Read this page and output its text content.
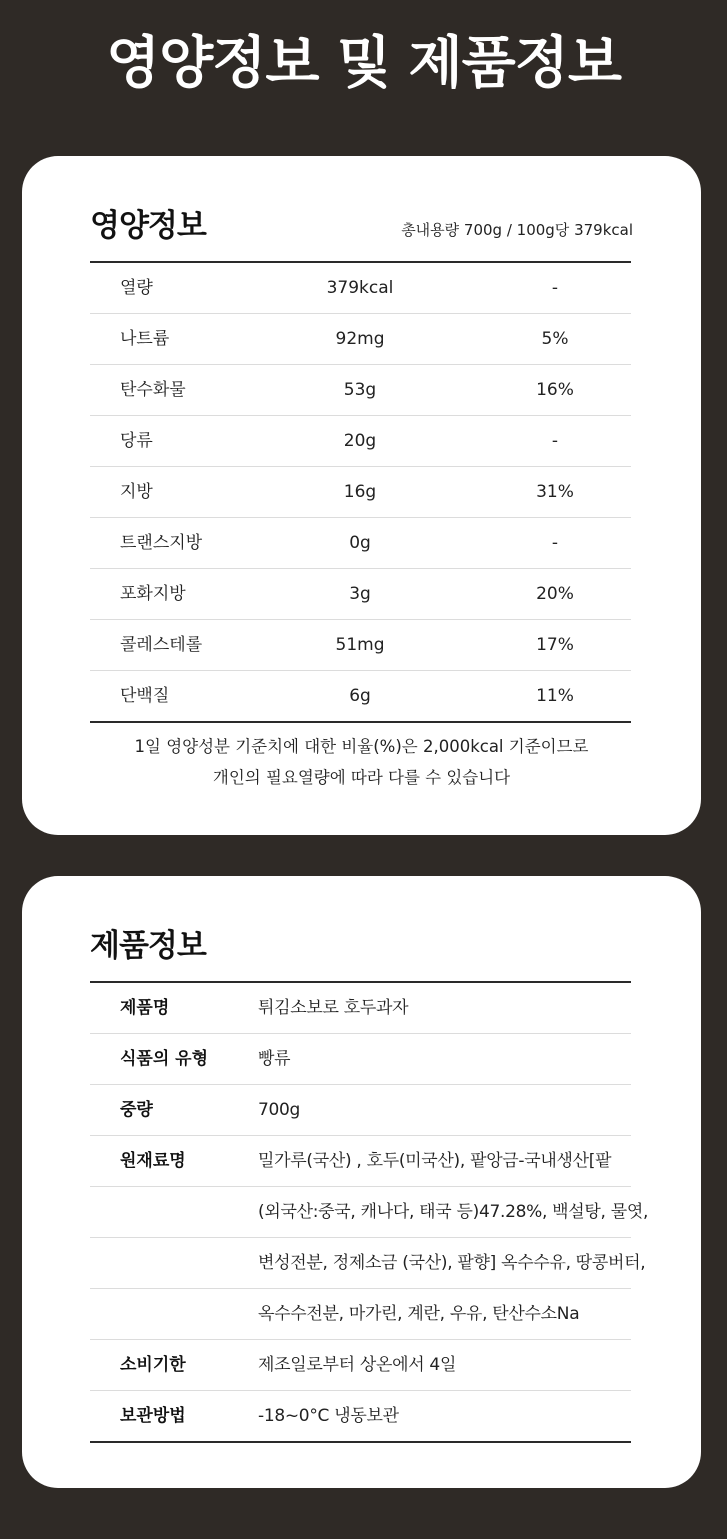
영양정보 및 제품정보
영양정보	총내용량 700g / 100g당 379kcal
열량	379kcal	-
나트륨	92mg	5%
탄수화물	53g	16%
당류	20g	-
지방	16g	31%
트랜스지방	0g	-
포화지방	3g	20%
콜레스테롤	51mg	17%
단백질	6g	11%
1일 영양성분 기준치에 대한 비율(%)은 2,000kcal 기준이므로
개인의 필요열량에 따라 다를 수 있습니다
제품정보
제품명	튀김소보로 호두과자
식품의 유형	빵류
중량	700g
원재료명	밀가루(국산) , 호두(미국산), 팥앙금-국내생산[팥
(외국산:중국, 캐나다, 태국 등)47.28%, 백설탕, 물엿,
변성전분, 정제소금 (국산), 팥향] 옥수수유, 땅콩버터,
옥수수전분, 마가린, 계란, 우유, 탄산수소Na
소비기한	제조일로부터 상온에서 4일
보관방법	-18~0°C 냉동보관
